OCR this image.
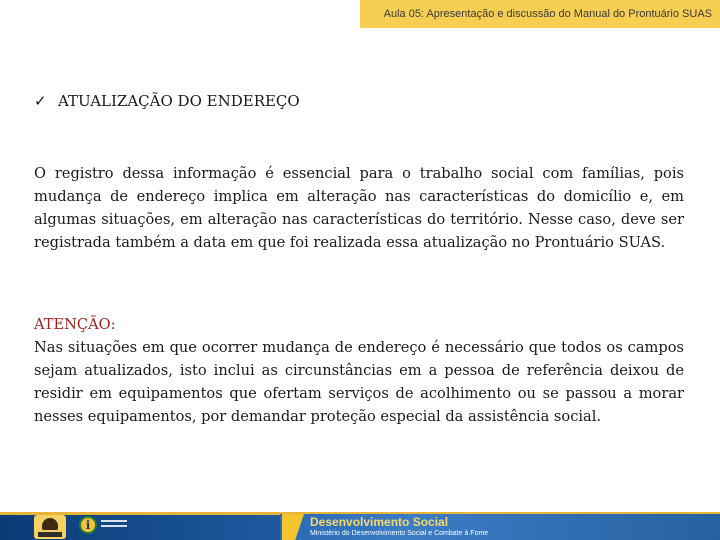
Aula 05: Apresentação e discussão do Manual do Prontuário SUAS
✓ ATUALIZAÇÃO DO ENDEREÇO

O registro dessa informação é essencial para o trabalho social com famílias, pois mudança de endereço implica em alteração nas características do domicílio e, em algumas situações, em alteração nas características do território. Nesse caso, deve ser registrada também a data em que foi realizada essa atualização no Prontuário SUAS.

ATENÇÃO:

Nas situações em que ocorrer mudança de endereço é necessário que todos os campos sejam atualizados, isto inclui as circunstâncias em a pessoa de referência deixou de residir em equipamentos que ofertam serviços de acolhimento ou se passou a morar nesses equipamentos, por demandar proteção especial da assistência social.

i	Desenvolvimento Social
Ministério do Desenvolvimento Social e Combate à Fome
